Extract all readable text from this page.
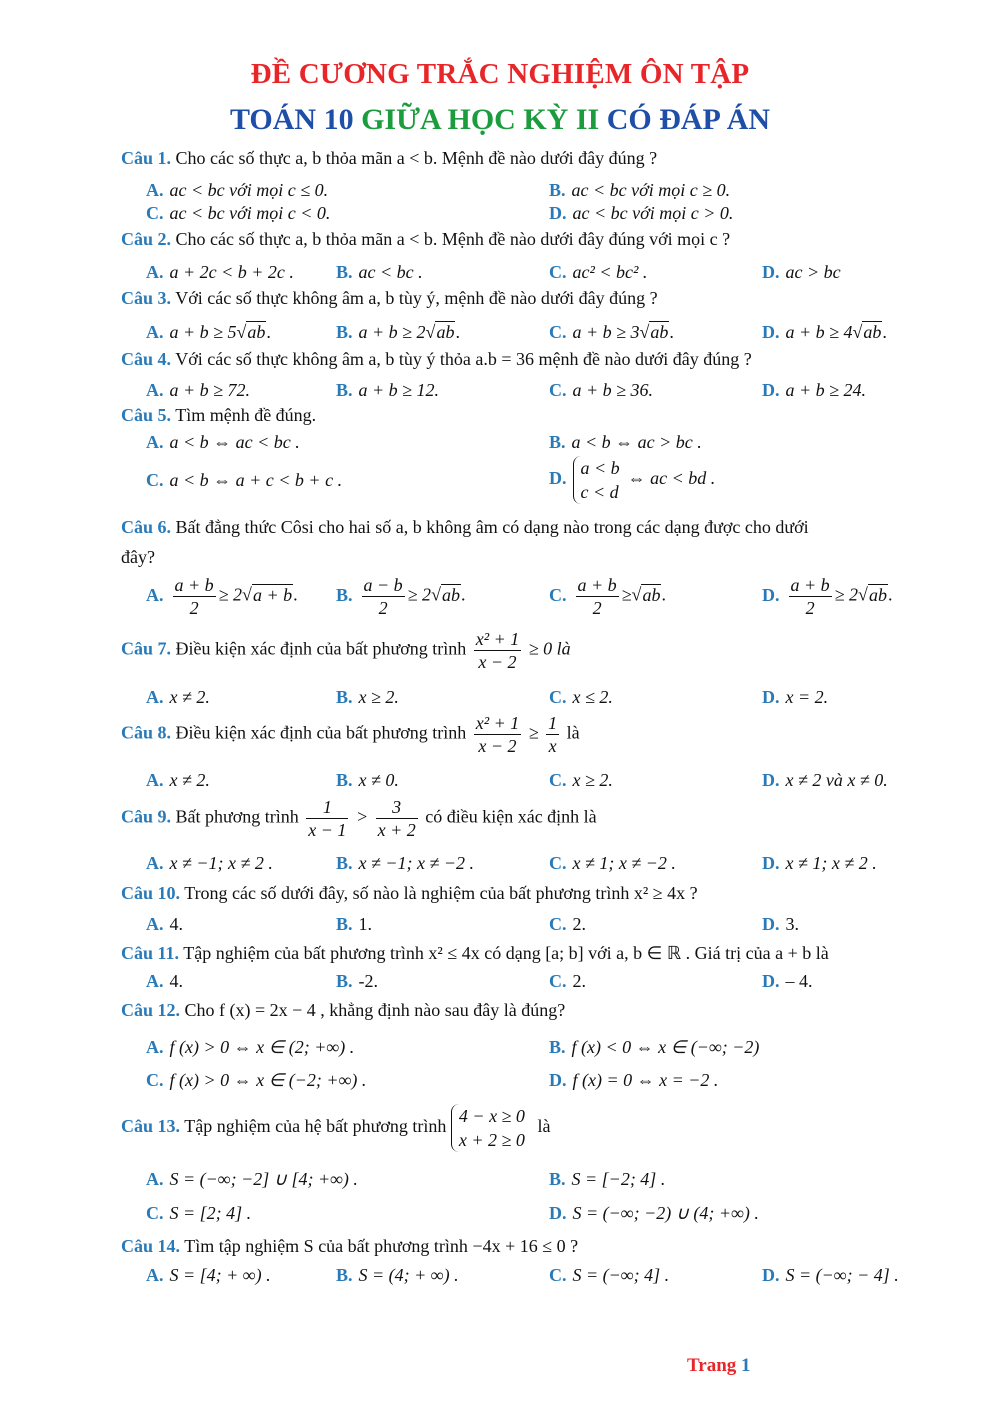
ĐỀ CƯƠNG TRẮC NGHIỆM ÔN TẬP
TOÁN 10 GIỮA HỌC KỲ II CÓ ĐÁP ÁN
Câu 1. Cho các số thực a, b thỏa mãn a < b. Mệnh đề nào dưới đây đúng ?
A. ac < bc với mọi c ≤ 0.	B. ac < bc với mọi c ≥ 0.
C. ac < bc với mọi c < 0.	D. ac < bc với mọi c > 0.
Câu 2. Cho các số thực a, b thỏa mãn a < b. Mệnh đề nào dưới đây đúng với mọi c ?
A. a + 2c < b + 2c . B. ac < bc .	C. ac² < bc² .	D. ac > bc
Câu 3. Với các số thực không âm a, b tùy ý, mệnh đề nào dưới đây đúng ?
A. a + b ≥ 5√ab.	B. a + b ≥ 2√ab.	C. a + b ≥ 3√ab.	D. a + b ≥ 4√ab.
Câu 4. Với các số thực không âm a, b tùy ý thỏa a.b = 36 mệnh đề nào dưới đây đúng ?
A. a + b ≥ 72.	B. a + b ≥ 12.	C. a + b ≥ 36.	D. a + b ≥ 24.
Câu 5. Tìm mệnh đề đúng.
A. a < b ⇔ ac < bc .	B. a < b ⇔ ac > bc .
C. a < b ⇔ a + c < b + c .	D.
a < b
c < d
⇔ ac < bd .
Câu 6. Bất đẳng thức Côsi cho hai số a, b không âm có dạng nào trong các dạng được cho dưới
đây?
A. $\frac{a + b}{2} \ge 2√a + b$. B. $\frac{a - b}{2} \ge 2√ab$.	C. $\frac{a + b}{2} \ge√ab$.	D. $\frac{a + b}{2} \ge 2√ab$.
Câu 7. Điều kiện xác định của bất phương trình $\frac{\text{x² + 1}}{x - 2} \ge 0$ là
A. x ≠ 2.	B. x ≥ 2.	C. x ≤ 2.	D. x = 2.
Câu 8. Điều kiện xác định của bất phương trình $\frac{\text{x² + 1}}{x - 2} \ge \frac{1}{x}$ là
A. x ≠ 2.	B. x ≠ 0.	C. x ≥ 2.	D. x ≠ 2 và x ≠ 0.
Câu 9. Bất phương trình $\frac{1}{x - 1} > \frac{3}{x + 2}$ có điều kiện xác định là
A. x ≠ −1; x ≠ 2 .	B. x ≠ −1; x ≠ −2 .	C. x ≠ 1; x ≠ −2 .	D. x ≠ 1; x ≠ 2 .
Câu 10. Trong các số dưới đây, số nào là nghiệm của bất phương trình x² ≥ 4x ?
A. 4.	B. 1.	C. 2.	D. 3.
Câu 11. Tập nghiệm của bất phương trình x² ≤ 4x có dạng [a; b] với a, b ∈ ℝ . Giá trị của a + b là
A. 4.	B. -2.	C. 2.	D. – 4.
Câu 12. Cho f (x) = 2x − 4 , khẳng định nào sau đây là đúng?
A. f (x) > 0 ⇔ x ∈ (2; +∞) .	B. f (x) < 0 ⇔ x ∈ (−∞; −2)
C. f (x) > 0 ⇔ x ∈ (−2; +∞) .	D. f (x) = 0 ⇔ x = −2 .
Câu 13. Tập nghiệm của hệ bất phương trình
4 − x ≥ 0
x + 2 ≥ 0
là
A. S = (−∞; −2] ∪ [4; +∞) .	B. S = [−2; 4] .
C. S = [2; 4] .	D. S = (−∞; −2) ∪ (4; +∞) .
Câu 14. Tìm tập nghiệm S của bất phương trình −4x + 16 ≤ 0 ?
A. S = [4; + ∞) .	B. S = (4; + ∞) .	C. S = (−∞; 4] .	D. S = (−∞; − 4] .
Trang 1
